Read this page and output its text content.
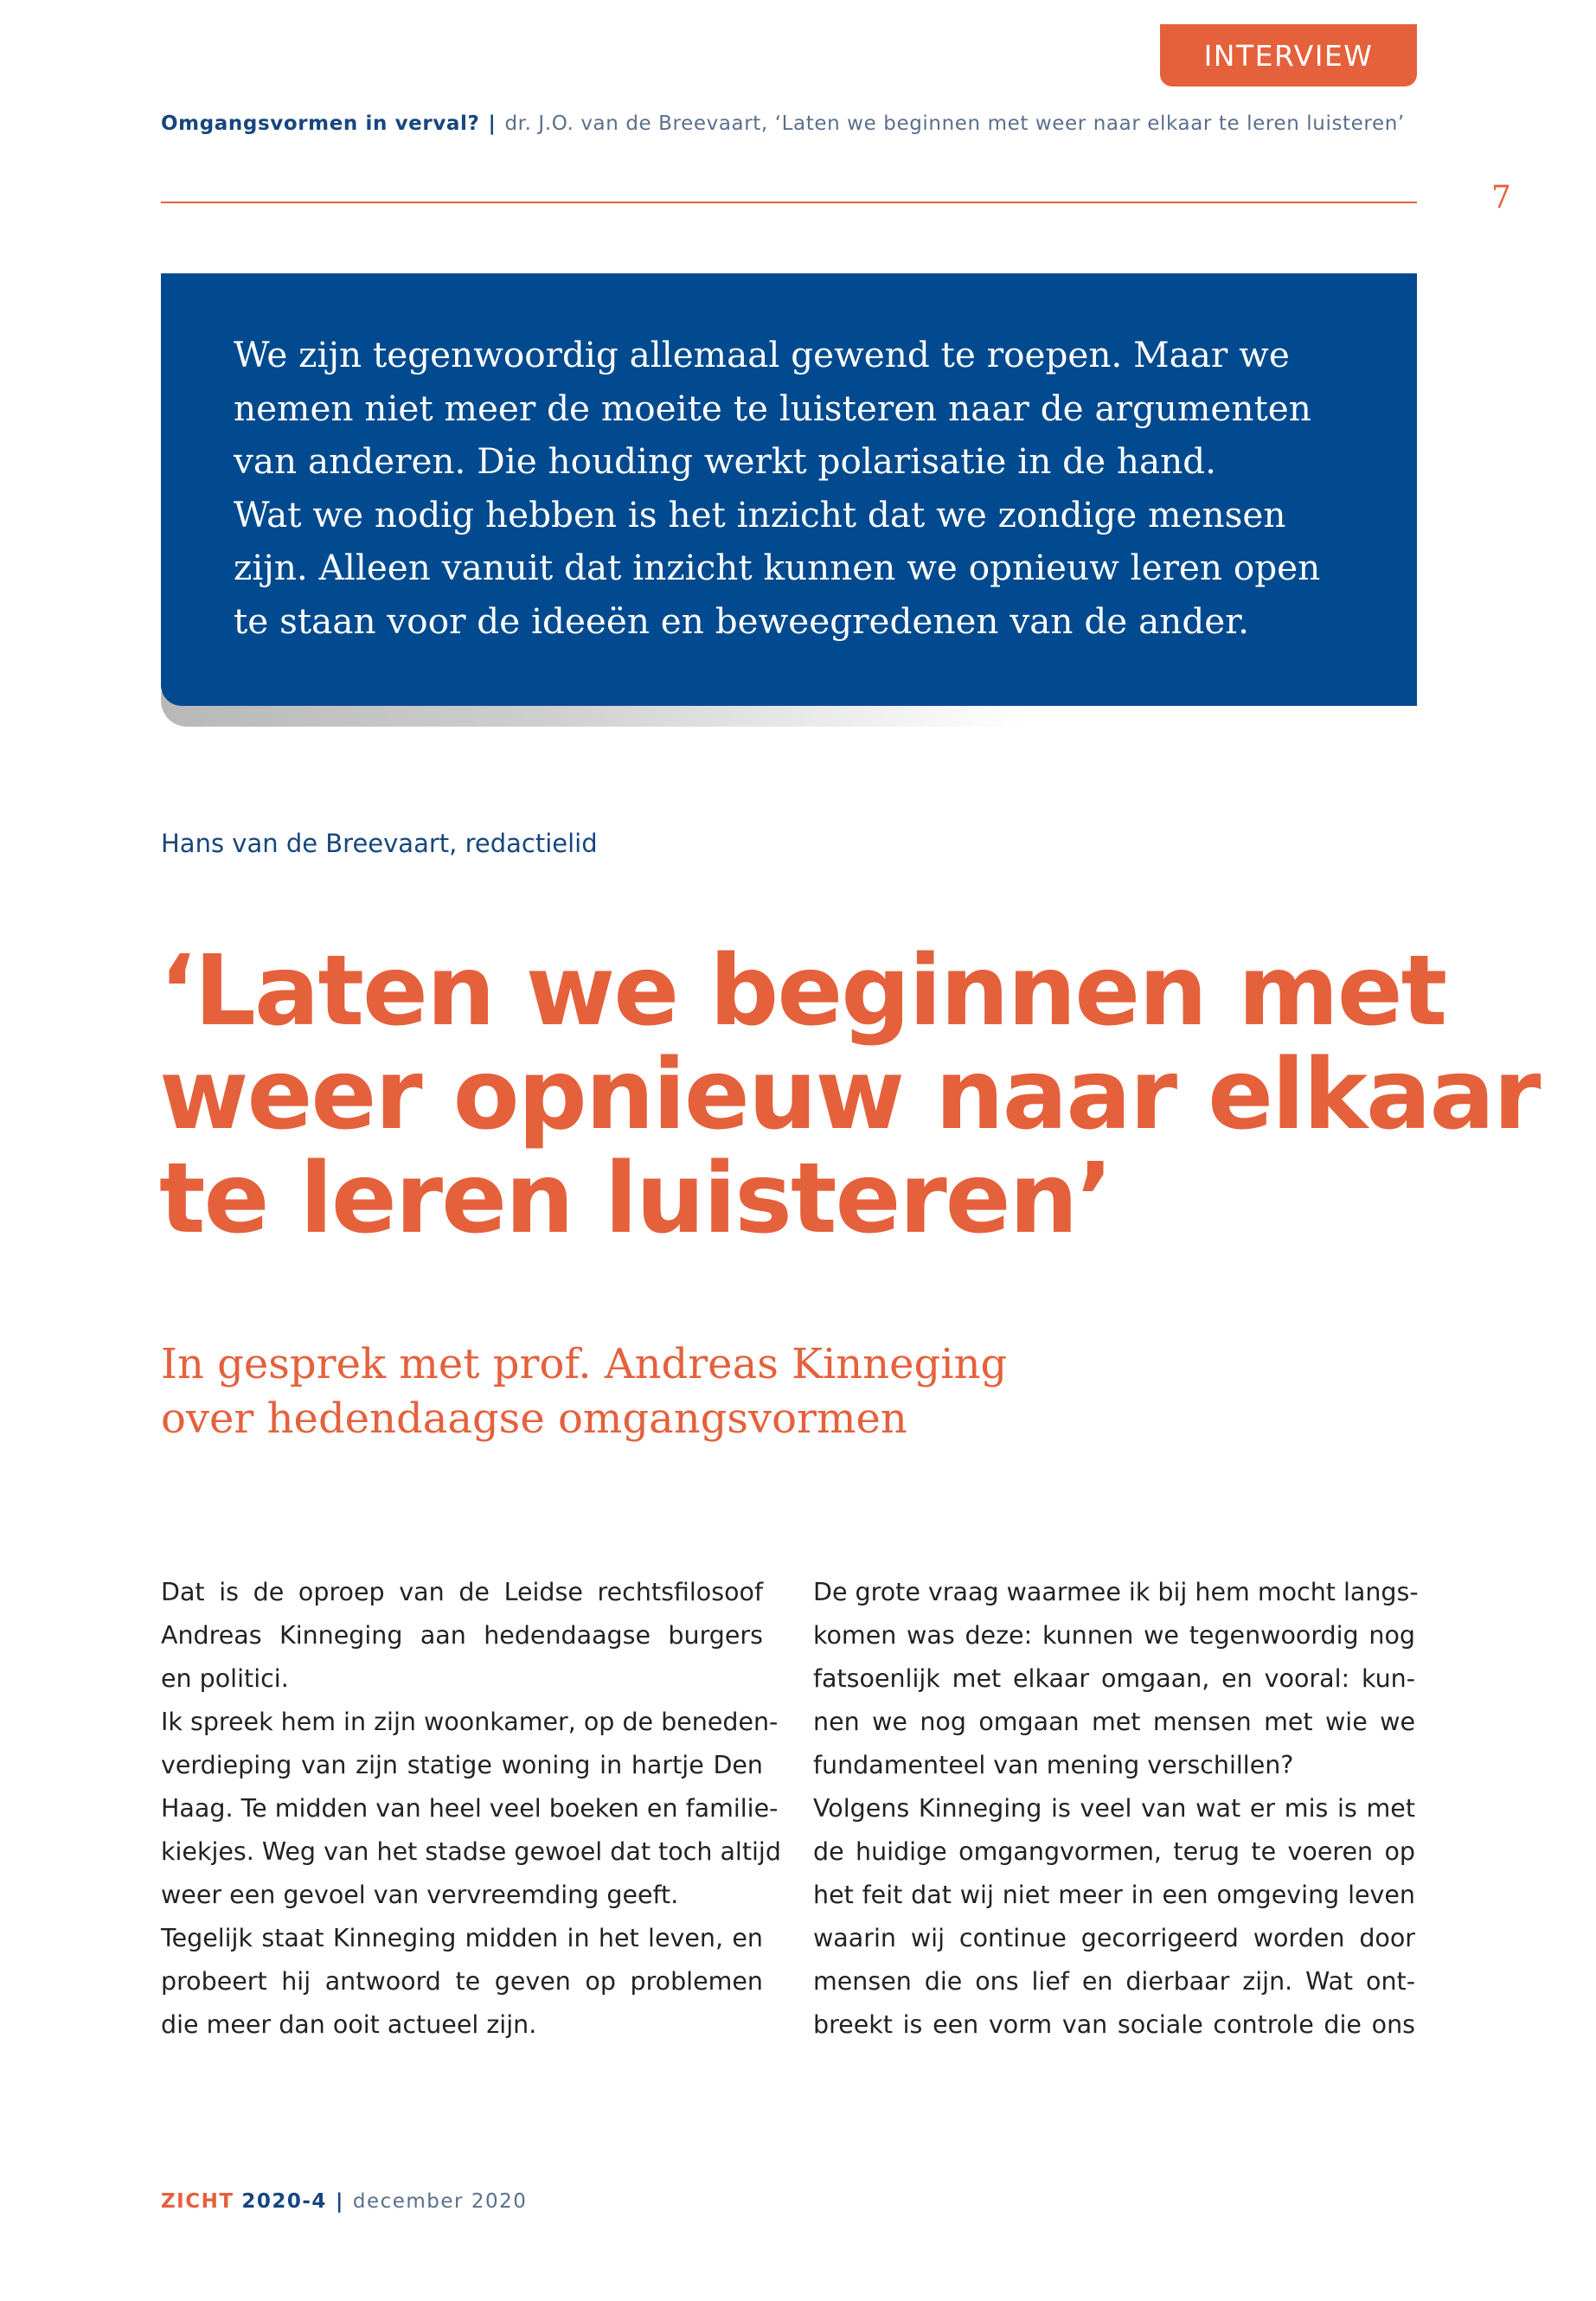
INTERVIEW
Omgangsvormen in verval? | dr. J.O. van de Breevaart, ‘Laten we beginnen met weer naar elkaar te leren luisteren’
7

We zijn tegenwoordig allemaal gewend te roepen. Maar we

nemen niet meer de moeite te luisteren naar de argumenten

van anderen. Die houding werkt polarisatie in de hand.

Wat we nodig hebben is het inzicht dat we zondige mensen

zijn. Alleen vanuit dat inzicht kunnen we opnieuw leren open

te staan voor de ideeën en beweegredenen van de ander.

Hans van de Breevaart, redactielid
‘Laten we beginnen met
weer opnieuw naar elkaar
te leren luisteren’
In gesprek met prof. Andreas Kinneging
over hedendaagse omgangsvormen
Dat is de oproep van de Leidse rechtsfilosoof
Andreas Kinneging aan hedendaagse burgers
en politici.
Ik spreek hem in zijn woonkamer, op de beneden-
verdieping van zijn statige woning in hartje Den
Haag. Te midden van heel veel boeken en familie-
kiekjes. Weg van het stadse gewoel dat toch altijd
weer een gevoel van vervreemding geeft.
Tegelijk staat Kinneging midden in het leven, en
probeert hij antwoord te geven op problemen
die meer dan ooit actueel zijn.
De grote vraag waarmee ik bij hem mocht langs-
komen was deze: kunnen we tegenwoordig nog
fatsoenlijk met elkaar omgaan, en vooral: kun-
nen we nog omgaan met mensen met wie we
fundamenteel van mening verschillen?
Volgens Kinneging is veel van wat er mis is met
de huidige omgangvormen, terug te voeren op
het feit dat wij niet meer in een omgeving leven
waarin wij continue gecorrigeerd worden door
mensen die ons lief en dierbaar zijn. Wat ont-
breekt is een vorm van sociale controle die ons
ZICHT 2020-4 | december 2020
